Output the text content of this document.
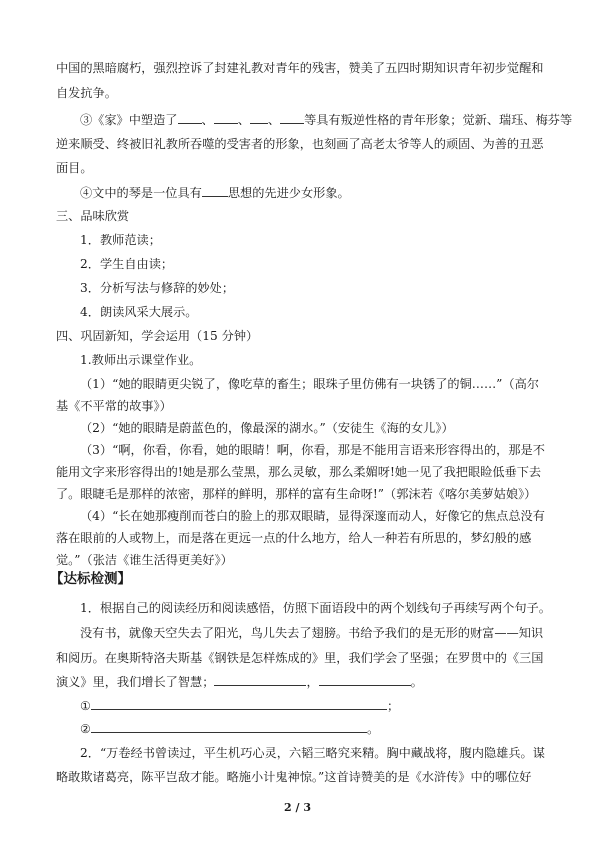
中国的黑暗腐朽，强烈控诉了封建礼教对青年的残害，赞美了五四时期知识青年初步觉醒和
自发抗争。
③《家》中塑造了 、 、 、 等具有叛逆性格的青年形象；觉新、瑞珏、梅芬等
逆来顺受、终被旧礼教所吞噬的受害者的形象，也刻画了高老太爷等人的顽固、为善的丑恶
面目。
④文中的琴是一位具有 思想的先进少女形象。
三、品味欣赏
1．教师范读；
2．学生自由读；
3．分析写法与修辞的妙处；
4．朗读风采大展示。
四、巩固新知，学会运用（15 分钟）
1.教师出示课堂作业。
（1）“她的眼睛更尖锐了，像吃草的畜生；眼珠子里仿佛有一块锈了的铜……”（高尔
基《不平常的故事》）
（2）“她的眼睛是蔚蓝色的，像最深的湖水。”（安徒生《海的女儿》）
（3）“啊，你看，你看，她的眼睛！啊，你看，那是不能用言语来形容得出的，那是不
能用文字来形容得出的!她是那么莹黑，那么灵敏，那么柔媚呀!她一见了我把眼睑低垂下去
了。眼睫毛是那样的浓密，那样的鲜明，那样的富有生命呀!”（郭沫若《喀尔美萝姑娘》）
（4）“长在她那瘦削而苍白的脸上的那双眼睛，显得深邃而动人，好像它的焦点总没有
落在眼前的人或物上，而是落在更远一点的什么地方，给人一种若有所思的，梦幻般的感
觉。”（张洁《谁生活得更美好》）
【达标检测】
1．根据自己的阅读经历和阅读感悟，仿照下面语段中的两个划线句子再续写两个句子。
没有书，就像天空失去了阳光，鸟儿失去了翅膀。书给予我们的是无形的财富——知识
和阅历。在奥斯特洛夫斯基《钢铁是怎样炼成的》里，我们学会了坚强；在罗贯中的《三国
演义》里，我们增长了智慧；	，	。
2 / 3
①	；
②	。
2．“万卷经书曾读过，平生机巧心灵，六韬三略究来精。胸中藏战将，腹内隐雄兵。谋
略敢欺诸葛亮，陈平岂敌才能。略施小计鬼神惊。”这首诗赞美的是《水浒传》中的哪位好
